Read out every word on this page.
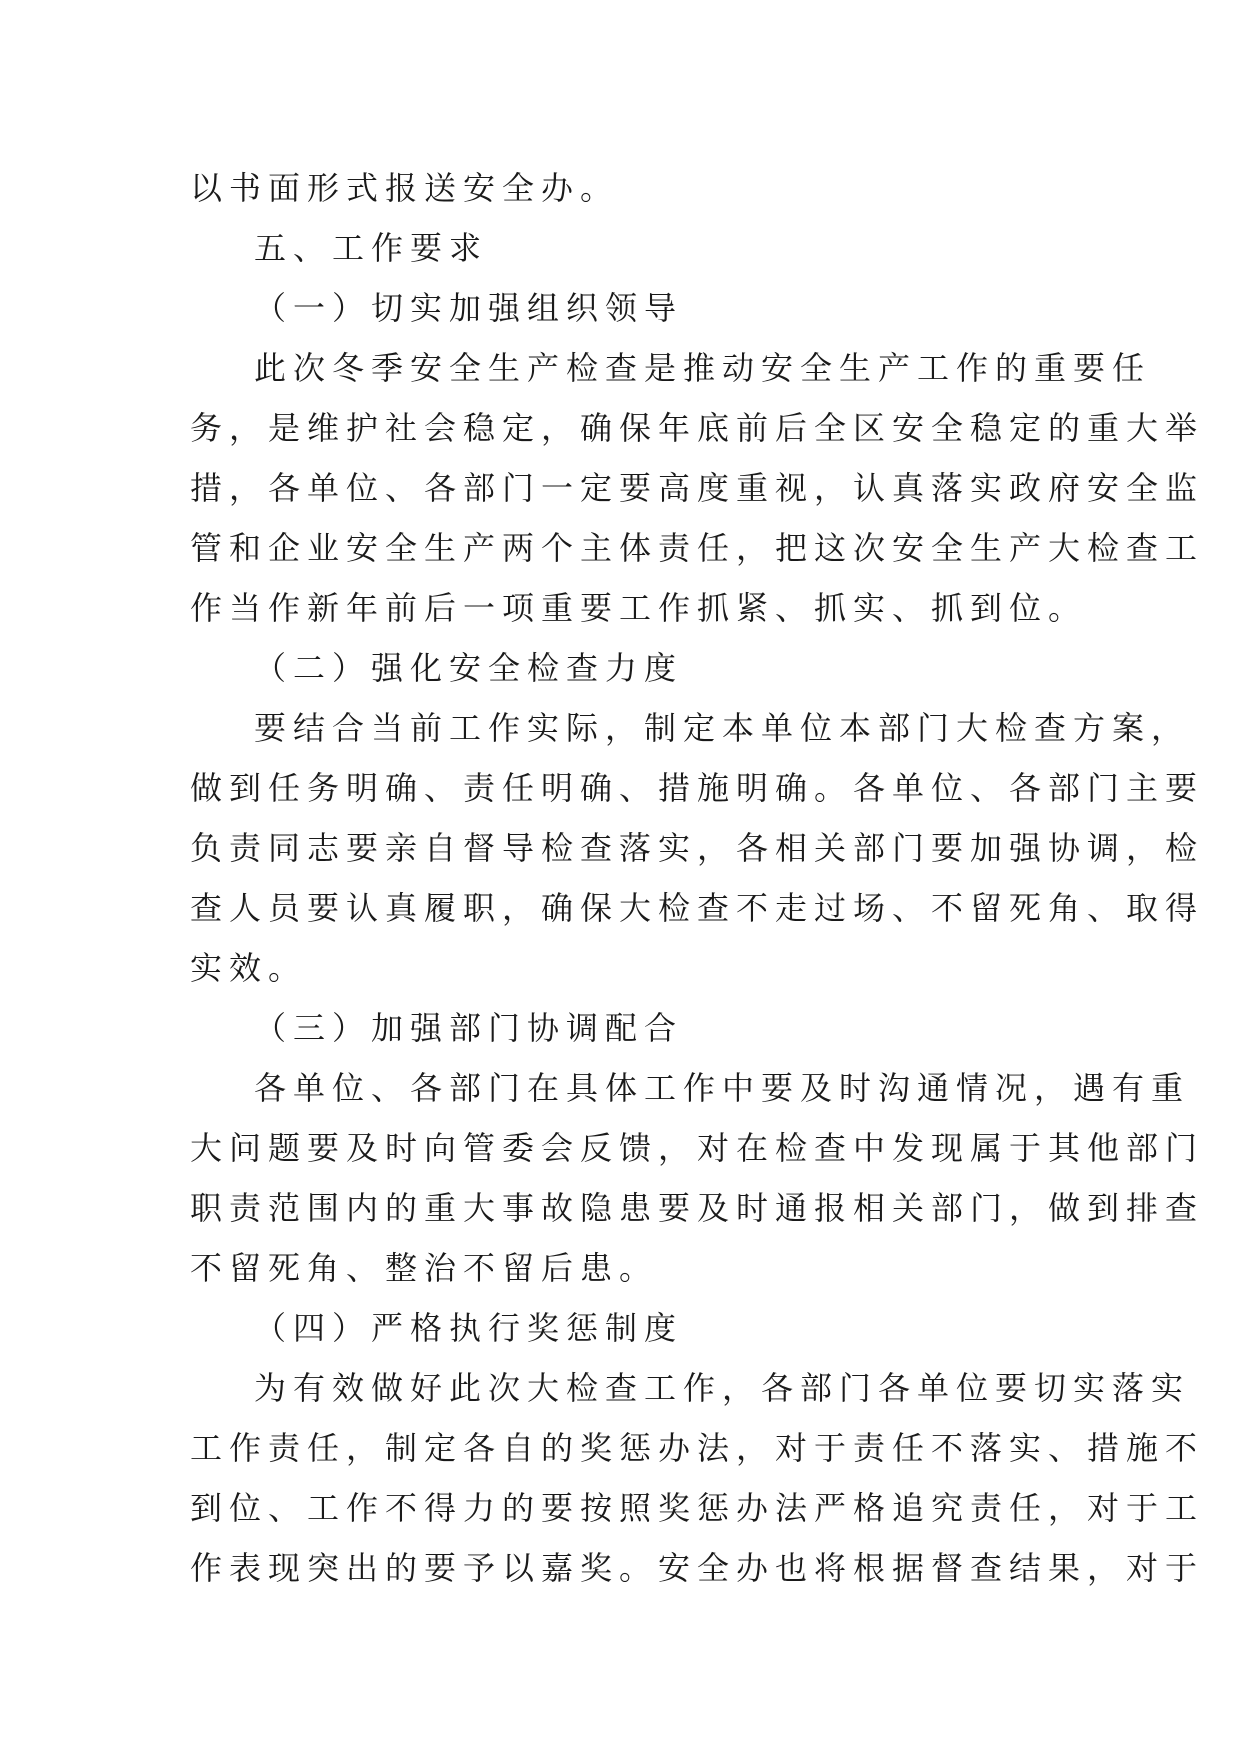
以书面形式报送安全办。
五、工作要求
（一）切实加强组织领导
此次冬季安全生产检查是推动安全生产工作的重要任
务，是维护社会稳定，确保年底前后全区安全稳定的重大举
措，各单位、各部门一定要高度重视，认真落实政府安全监
管和企业安全生产两个主体责任，把这次安全生产大检查工
作当作新年前后一项重要工作抓紧、抓实、抓到位。
（二）强化安全检查力度
要结合当前工作实际，制定本单位本部门大检查方案，
做到任务明确、责任明确、措施明确。各单位、各部门主要
负责同志要亲自督导检查落实，各相关部门要加强协调，检
查人员要认真履职，确保大检查不走过场、不留死角、取得
实效。
（三）加强部门协调配合
各单位、各部门在具体工作中要及时沟通情况，遇有重
大问题要及时向管委会反馈，对在检查中发现属于其他部门
职责范围内的重大事故隐患要及时通报相关部门，做到排查
不留死角、整治不留后患。
（四）严格执行奖惩制度
为有效做好此次大检查工作，各部门各单位要切实落实
工作责任，制定各自的奖惩办法，对于责任不落实、措施不
到位、工作不得力的要按照奖惩办法严格追究责任，对于工
作表现突出的要予以嘉奖。安全办也将根据督查结果，对于
